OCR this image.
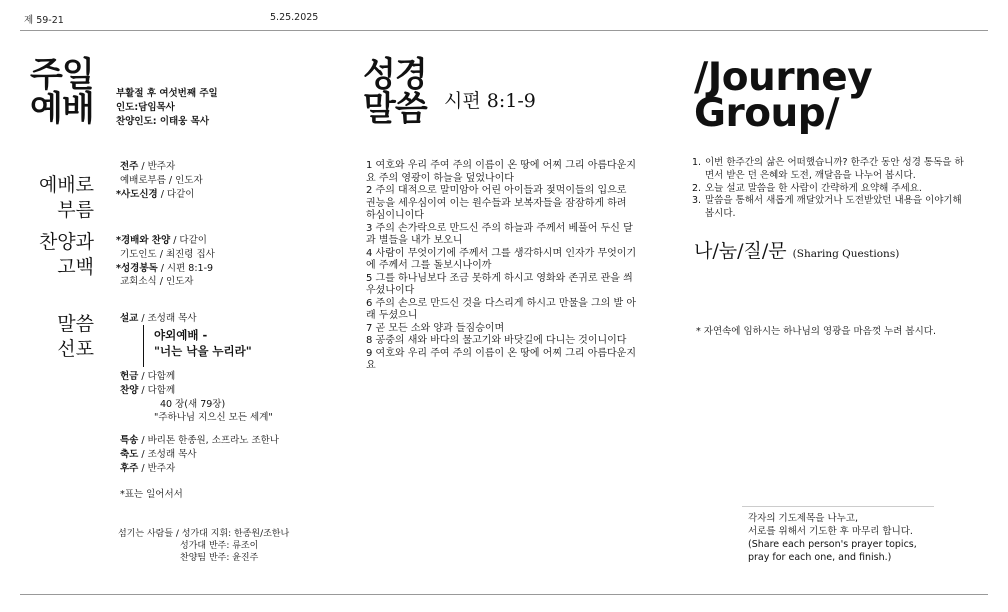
제 59-21	5.25.2025
주일
예배 부활절 후 여섯번째 주일
인도:담임목사
찬양인도: 이태웅 목사
예배로
부름
찬양과
고백
말씀
선포
전주 / 반주자
예배로부름 / 인도자
*사도신경 / 다같이
*경배와 찬양 / 다같이
기도인도 / 최진령 집사
*성경봉독 / 시편 8:1-9
교회소식 / 인도자
설교 / 조성래 목사
야외예배 -
"너는 낙을 누리라"
헌금 / 다함께
찬양 / 다함께
40 장(새 79장)
"주하나님 지으신 모든 세계"
특송 / 바리톤 한종원, 소프라노 조한나
축도 / 조성래 목사
후주 / 반주자
*표는 일어서서
섬기는 사람들 / 성가대 지휘: 한종원/조한나
성가대 반주: 류조이
찬양팀 반주: 윤진주
성경
말씀 시편 8:1-9

1 여호와 우리 주여 주의 이름이 온 땅에 어찌 그리 아름다운지요 주의 영광이 하늘을 덮었나이다

2 주의 대적으로 말미암아 어린 아이들과 젖먹이들의 입으로 권능을 세우심이여 이는 원수들과 보복자들을 잠잠하게 하려 하심이니이다

3 주의 손가락으로 만드신 주의 하늘과 주께서 베풀어 두신 달과 별들을 내가 보오니

4 사람이 무엇이기에 주께서 그를 생각하시며 인자가 무엇이기에 주께서 그를 돌보시나이까

5 그를 하나님보다 조금 못하게 하시고 영화와 존귀로 관을 씌우셨나이다

6 주의 손으로 만드신 것을 다스리게 하시고 만물을 그의 발 아래 두셨으니

7 곧 모든 소와 양과 들짐승이며

8 공중의 새와 바다의 물고기와 바닷길에 다니는 것이니이다

9 여호와 우리 주여 주의 이름이 온 땅에 어찌 그리 아름다운지요

/Journey
Group/
1. 이번 한주간의 삶은 어떠했습니까? 한주간 동안 성경 통독을 하면서 받은 던 은혜와 도전, 깨달음을 나누어 봅시다.
2. 오늘 설교 말씀을 한 사람이 간략하게 요약해 주세요.
3. 말씀을 통해서 새롭게 깨달았거나 도전받았던 내용을 이야기해 봅시다.
나/눔/질/문 (Sharing Questions)
* 자연속에 임하시는 하나님의 영광을 마음껏 누려 봅시다.
각자의 기도제목을 나누고,
서로를 위해서 기도한 후 마무리 합니다.
(Share each person's prayer topics,
pray for each one, and finish.)
